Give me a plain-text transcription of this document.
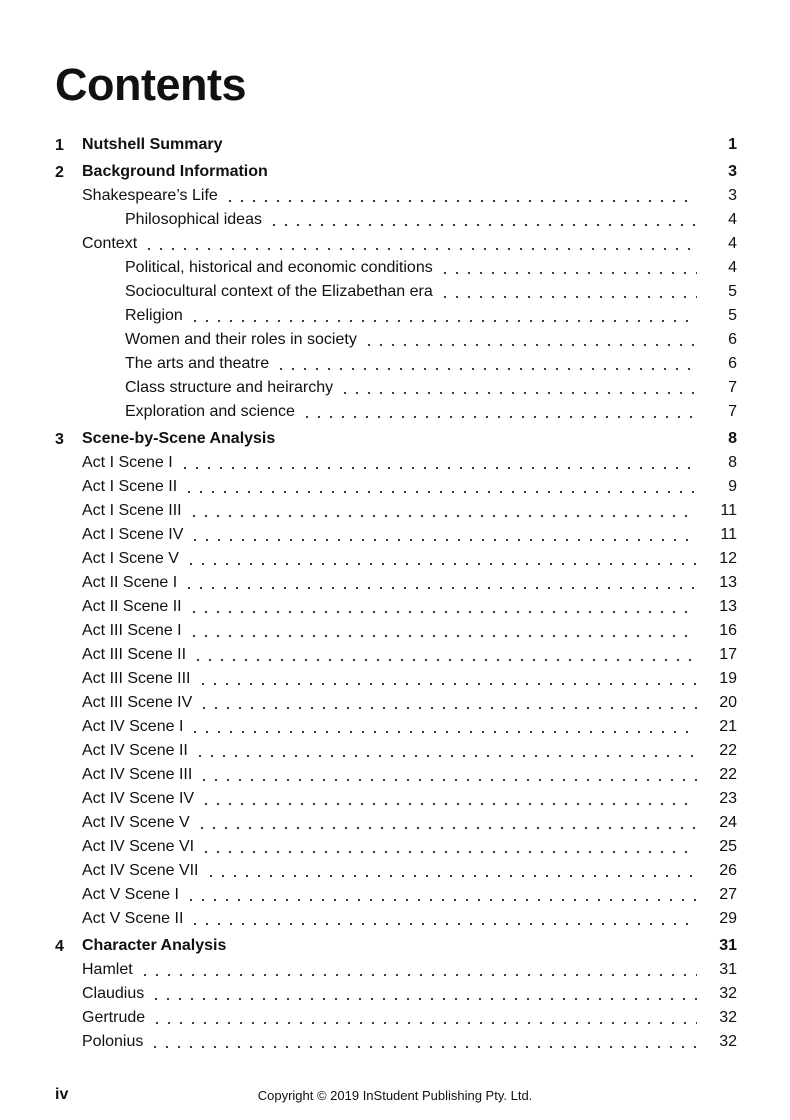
Contents
1 Nutshell Summary	1
2 Background Information	3
Shakespeare’s Life	3
Philosophical ideas	4
Context	4
Political, historical and economic conditions	4
Sociocultural context of the Elizabethan era	5
Religion	5
Women and their roles in society	6
The arts and theatre	6
Class structure and heirarchy	7
Exploration and science	7
3 Scene-by-Scene Analysis	8
Act I Scene I	8
Act I Scene II	9
Act I Scene III	11
Act I Scene IV	11
Act I Scene V	12
Act II Scene I	13
Act II Scene II	13
Act III Scene I	16
Act III Scene II	17
Act III Scene III	19
Act III Scene IV	20
Act IV Scene I	21
Act IV Scene II	22
Act IV Scene III	22
Act IV Scene IV	23
Act IV Scene V	24
Act IV Scene VI	25
Act IV Scene VII	26
Act V Scene I	27
Act V Scene II	29
4 Character Analysis	31
Hamlet	31
Claudius	32
Gertrude	32
Polonius	32
iv	Copyright © 2019 InStudent Publishing Pty. Ltd.
